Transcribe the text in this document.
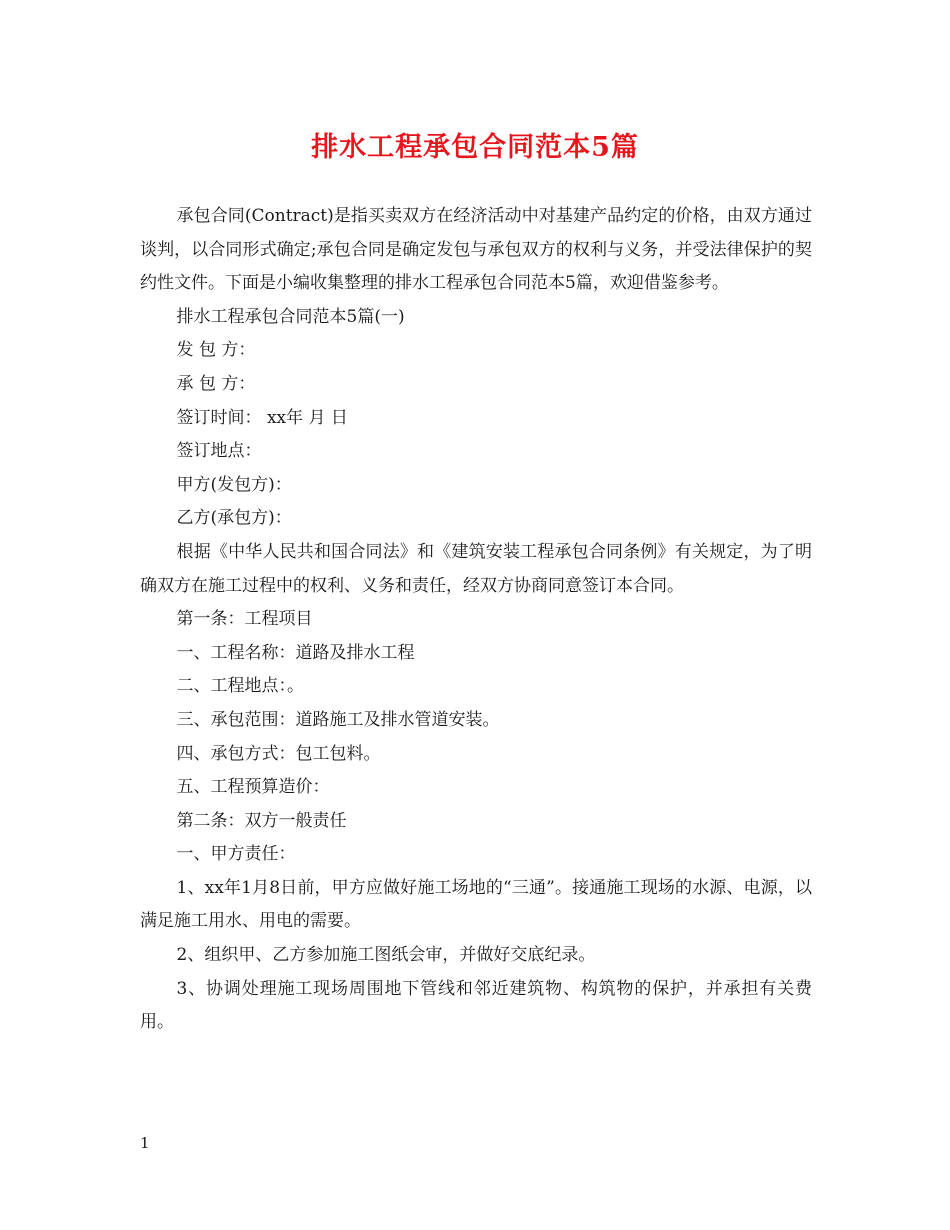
排水工程承包合同范本5篇

承包合同(Contract)是指买卖双方在经济活动中对基建产品约定的价格，由双方通过谈判，以合同形式确定;承包合同是确定发包与承包双方的权利与义务，并受法律保护的契约性文件。下面是小编收集整理的排水工程承包合同范本5篇，欢迎借鉴参考。

排水工程承包合同范本5篇(一)

发 包 方：

承 包 方：

签订时间： xx年 月 日

签订地点：

甲方(发包方)：

乙方(承包方)：

根据《中华人民共和国合同法》和《建筑安装工程承包合同条例》有关规定，为了明确双方在施工过程中的权利、义务和责任，经双方协商同意签订本合同。

第一条：工程项目

一、工程名称：道路及排水工程

二、工程地点：。

三、承包范围：道路施工及排水管道安装。

四、承包方式：包工包料。

五、工程预算造价：

第二条：双方一般责任

一、甲方责任：

1、xx年1月8日前，甲方应做好施工场地的“三通”。接通施工现场的水源、电源，以满足施工用水、用电的需要。

2、组织甲、乙方参加施工图纸会审，并做好交底纪录。

3、协调处理施工现场周围地下管线和邻近建筑物、构筑物的保护，并承担有关费用。

1
